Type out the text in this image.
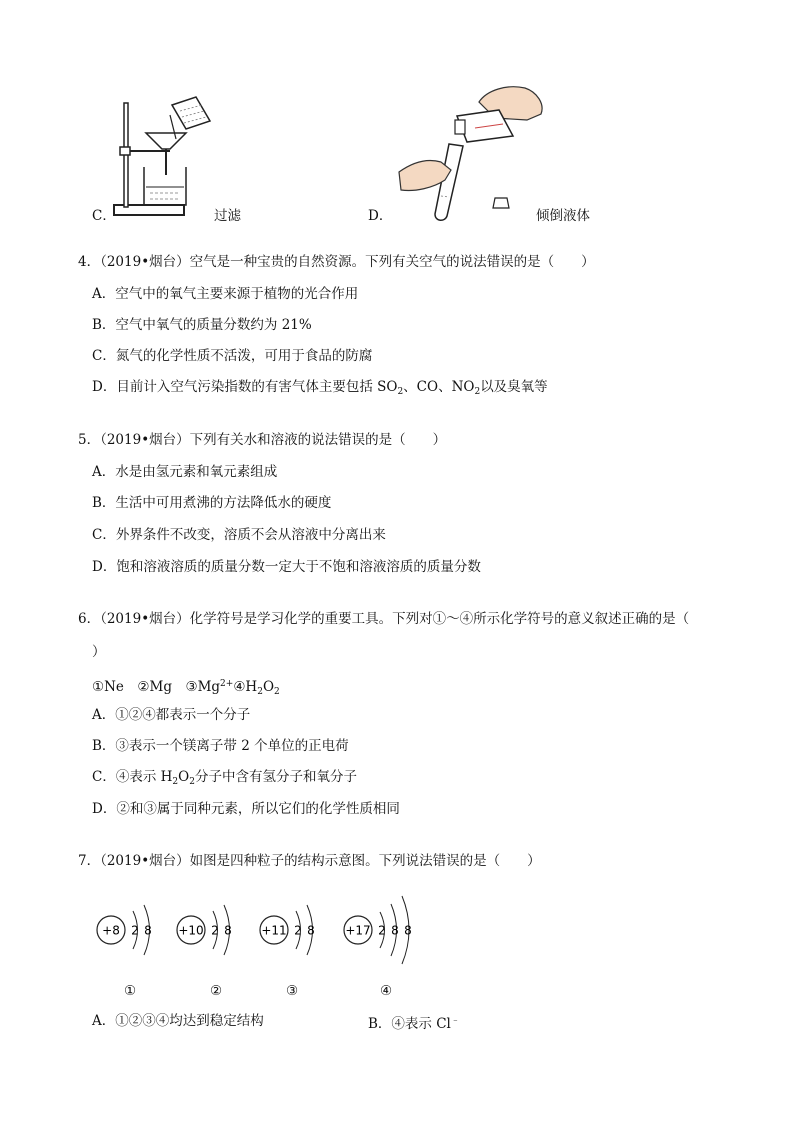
C．	过滤	D．	倾倒液体
4．（2019•烟台）空气是一种宝贵的自然资源。下列有关空气的说法错误的是（　　）
A．空气中的氧气主要来源于植物的光合作用
B．空气中氧气的质量分数约为 21%
C．氮气的化学性质不活泼，可用于食品的防腐
D．目前计入空气污染指数的有害气体主要包括 $SO_2$、CO、$NO_2$以及臭氧等
5．（2019•烟台）下列有关水和溶液的说法错误的是（　　）
A．水是由氢元素和氧元素组成
B．生活中可用煮沸的方法降低水的硬度
C．外界条件不改变，溶质不会从溶液中分离出来
D．饱和溶液溶质的质量分数一定大于不饱和溶液溶质的质量分数
6．（2019•烟台）化学符号是学习化学的重要工具。下列对①～④所示化学符号的意义叙述正确的是（
）
①Ne　②Mg　$③Mg^{2+}④H_2O_2$
A．①②④都表示一个分子
B．③表示一个镁离子带 2 个单位的正电荷
C．④表示 $H_2O_2$分子中含有氢分子和氧分子
D．②和③属于同种元素，所以它们的化学性质相同
7．（2019•烟台）如图是四种粒子的结构示意图。下列说法错误的是（　　）
+8 2 8
①
+10 2 8
②
+11 2 8
③
+17 2 8 8
④
A．①②③④均达到稳定结构	B．④表示 Cl﹣
